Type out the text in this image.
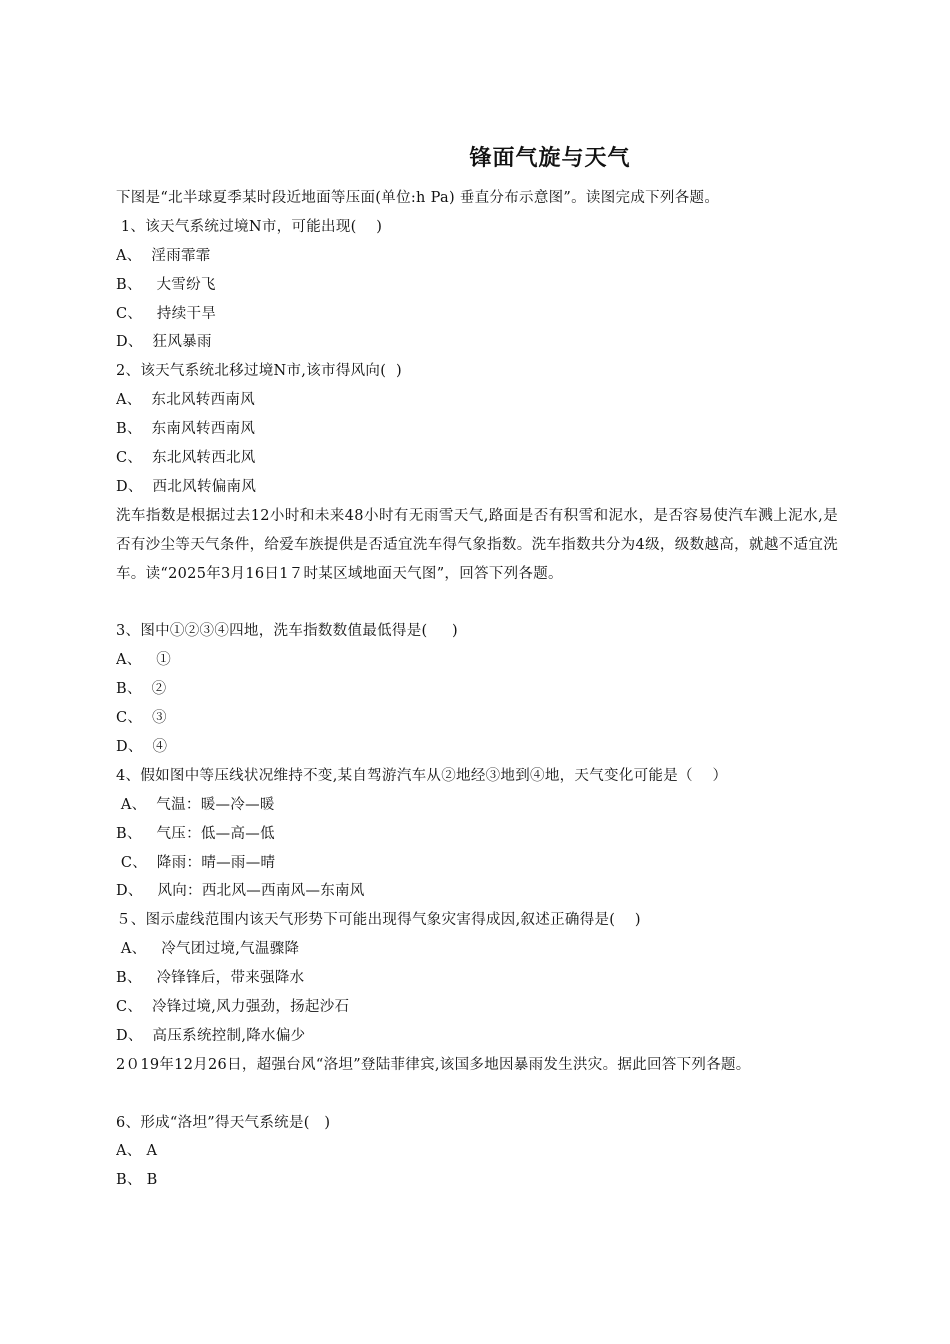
锋面气旋与天气
下图是“北半球夏季某时段近地面等压面(单位:h Pa) 垂直分布示意图”。读图完成下列各题。
1、该天气系统过境N市，可能出现(    )
A、  淫雨霏霏
B、   大雪纷飞
C、   持续干旱
D、  狂风暴雨
2、该天气系统北移过境N市,该市得风向(  )
A、  东北风转西南风
B、  东南风转西南风
C、  东北风转西北风
D、  西北风转偏南风
洗车指数是根据过去12小时和未来48小时有无雨雪天气,路面是否有积雪和泥水，是否容易使汽车溅上泥水,是否有沙尘等天气条件，给爱车族提供是否适宜洗车得气象指数。洗车指数共分为4级，级数越高，就越不适宜洗车。读“2025年3月16日1７时某区域地面天气图”，回答下列各题。
3、图中①②③④四地，洗车指数数值最低得是(     )
A、   ①
B、  ②
C、  ③
D、  ④
4、假如图中等压线状况维持不变,某自驾游汽车从②地经③地到④地，天气变化可能是（    ）
A、  气温：暖—冷—暖
B、   气压：低—高—低
C、  降雨：晴—雨—晴
D、   风向：西北风—西南风—东南风
５、图示虚线范围内该天气形势下可能出现得气象灾害得成因,叙述正确得是(    )
A、   冷气团过境,气温骤降
B、   冷锋锋后，带来强降水
C、  冷锋过境,风力强劲，扬起沙石
D、  高压系统控制,降水偏少
2０19年12月26日，超强台风“洛坦”登陆菲律宾,该国多地因暴雨发生洪灾。据此回答下列各题。
6、形成“洛坦”得天气系统是(   )
A、 A
B、 B
